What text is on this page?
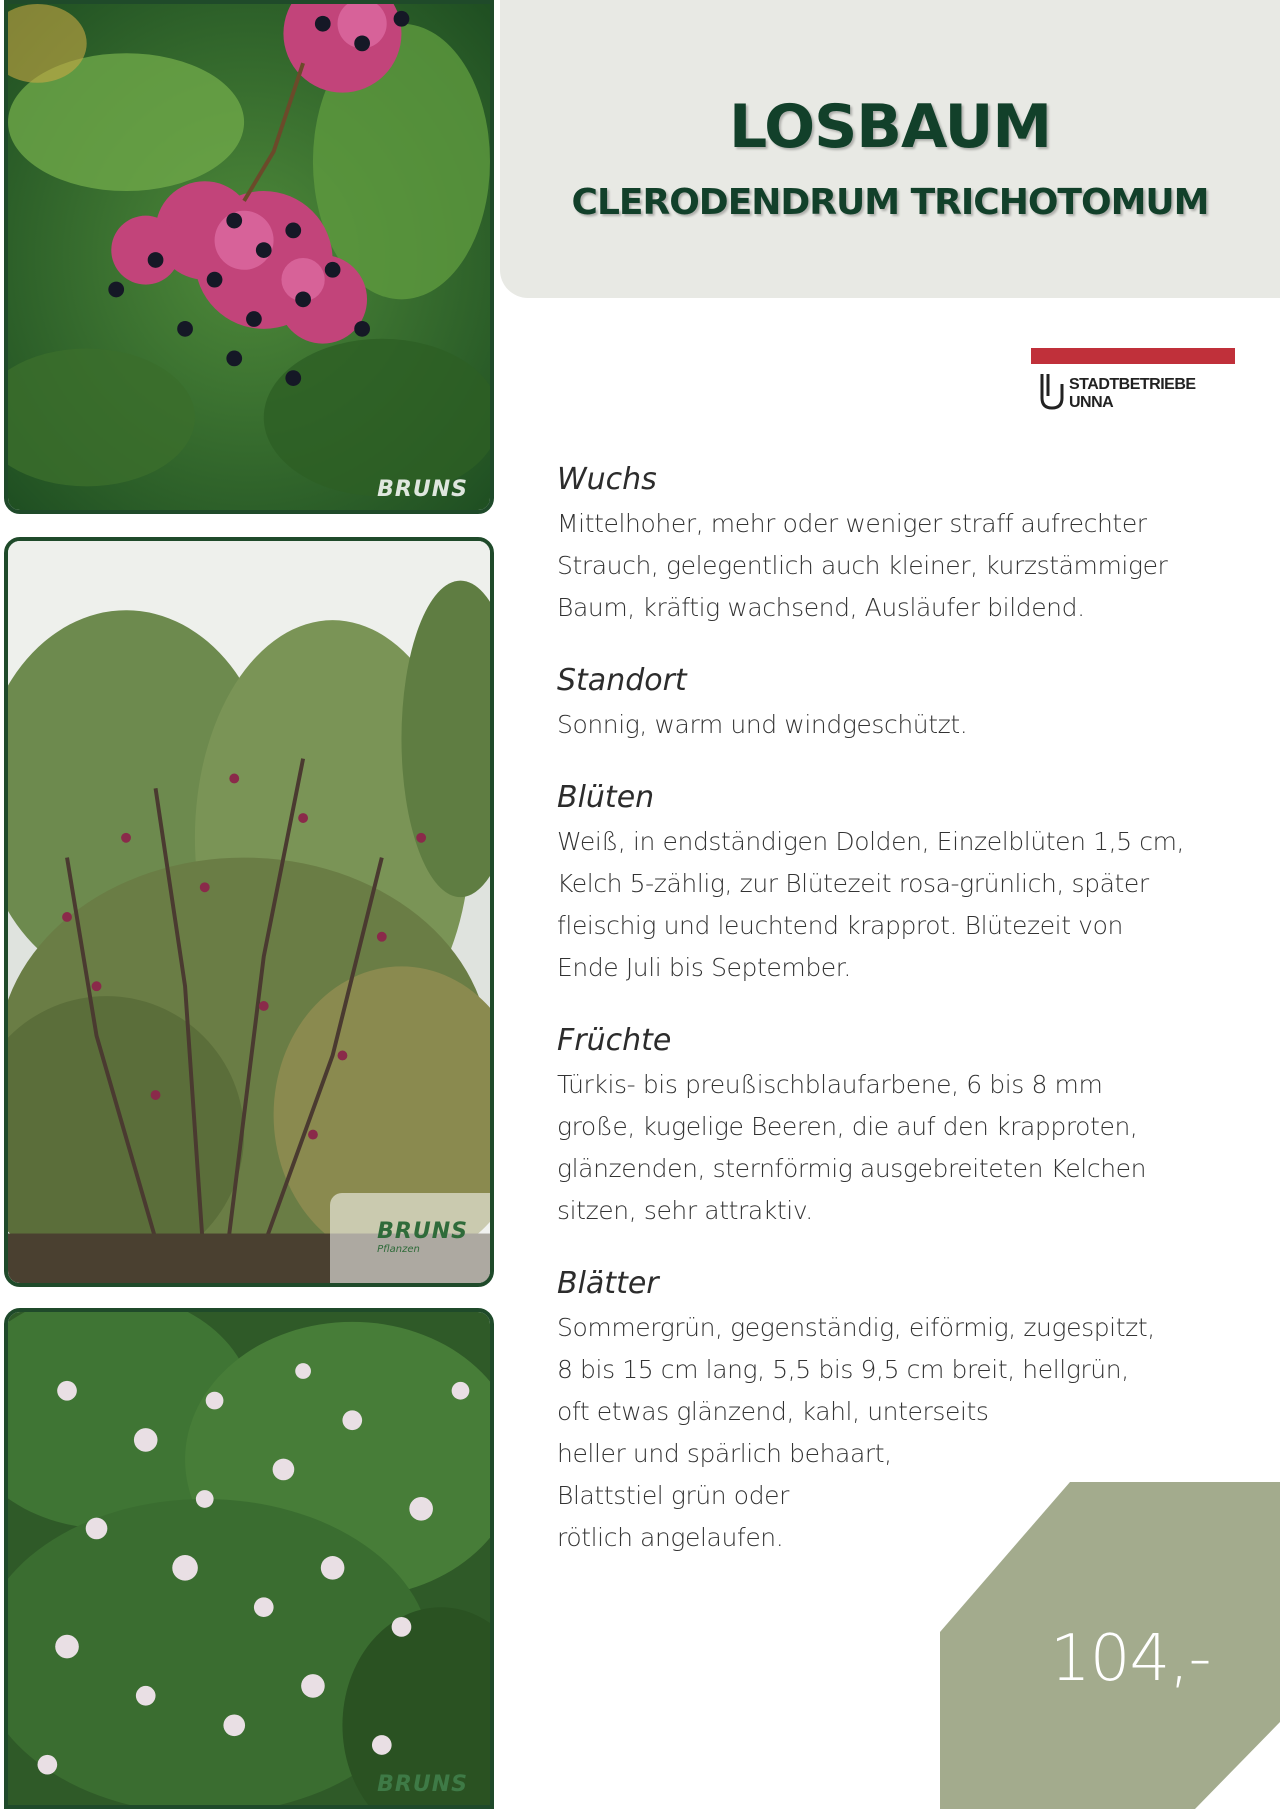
BRUNS
BRUNS
Pflanzen
BRUNS
LOSBAUM
CLERODENDRUM TRICHOTOMUM
STADTBETRIEBE UNNA
Wuchs

Mittelhoher, mehr oder weniger straff aufrechter
Strauch, gelegentlich auch kleiner, kurzstämmiger
Baum, kräftig wachsend, Ausläufer bildend.

Standort

Sonnig, warm und windgeschützt.

Blüten

Weiß, in endständigen Dolden, Einzelblüten 1,5 cm,
Kelch 5-zählig, zur Blütezeit rosa-grünlich, später
fleischig und leuchtend krapprot. Blütezeit von
Ende Juli bis September.

Früchte

Türkis- bis preußischblaufarbene, 6 bis 8 mm
große, kugelige Beeren, die auf den krapproten,
glänzenden, sternförmig ausgebreiteten Kelchen
sitzen, sehr attraktiv.

Blätter

Sommergrün, gegenständig, eiförmig, zugespitzt,
8 bis 15 cm lang, 5,5 bis 9,5 cm breit, hellgrün,
oft etwas glänzend, kahl, unterseits
heller und spärlich behaart,
Blattstiel grün oder
rötlich angelaufen.

104,-
